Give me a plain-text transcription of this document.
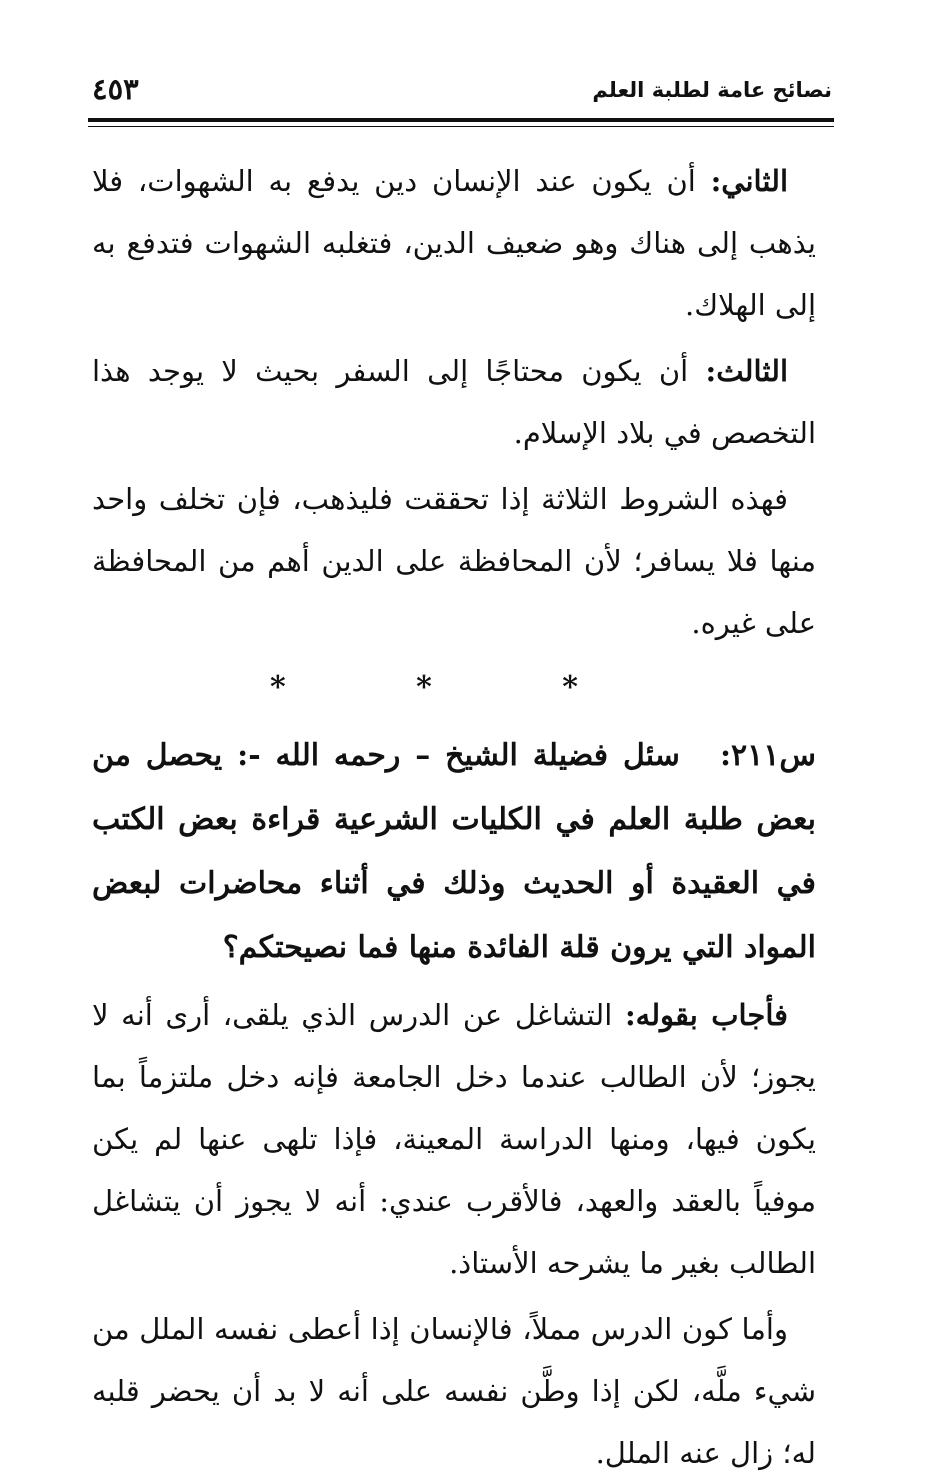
نصائح عامة لطلبة العلم
٤٥٣

الثاني: أن يكون عند الإنسان دين يدفع به الشهوات، فلا يذهب إلى هناك وهو ضعيف الدين، فتغلبه الشهوات فتدفع به إلى الهلاك.

الثالث: أن يكون محتاجًا إلى السفر بحيث لا يوجد هذا التخصص في بلاد الإسلام.

فهذه الشروط الثلاثة إذا تحققت فليذهب، فإن تخلف واحد منها فلا يسافر؛ لأن المحافظة على الدين أهم من المحافظة على غيره.

* * *

س٢١١:سئل فضيلة الشيخ – رحمه الله -: يحصل من بعض طلبة العلم في الكليات الشرعية قراءة بعض الكتب في العقيدة أو الحديث وذلك في أثناء محاضرات لبعض المواد التي يرون قلة الفائدة منها فما نصيحتكم؟

فأجاب بقوله: التشاغل عن الدرس الذي يلقى، أرى أنه لا يجوز؛ لأن الطالب عندما دخل الجامعة فإنه دخل ملتزماً بما يكون فيها، ومنها الدراسة المعينة، فإذا تلهى عنها لم يكن موفياً بالعقد والعهد، فالأقرب عندي: أنه لا يجوز أن يتشاغل الطالب بغير ما يشرحه الأستاذ.

وأما كون الدرس مملاً، فالإنسان إذا أعطى نفسه الملل من شيء ملَّه، لكن إذا وطَّن نفسه على أنه لا بد أن يحضر قلبه له؛ زال عنه الملل.
